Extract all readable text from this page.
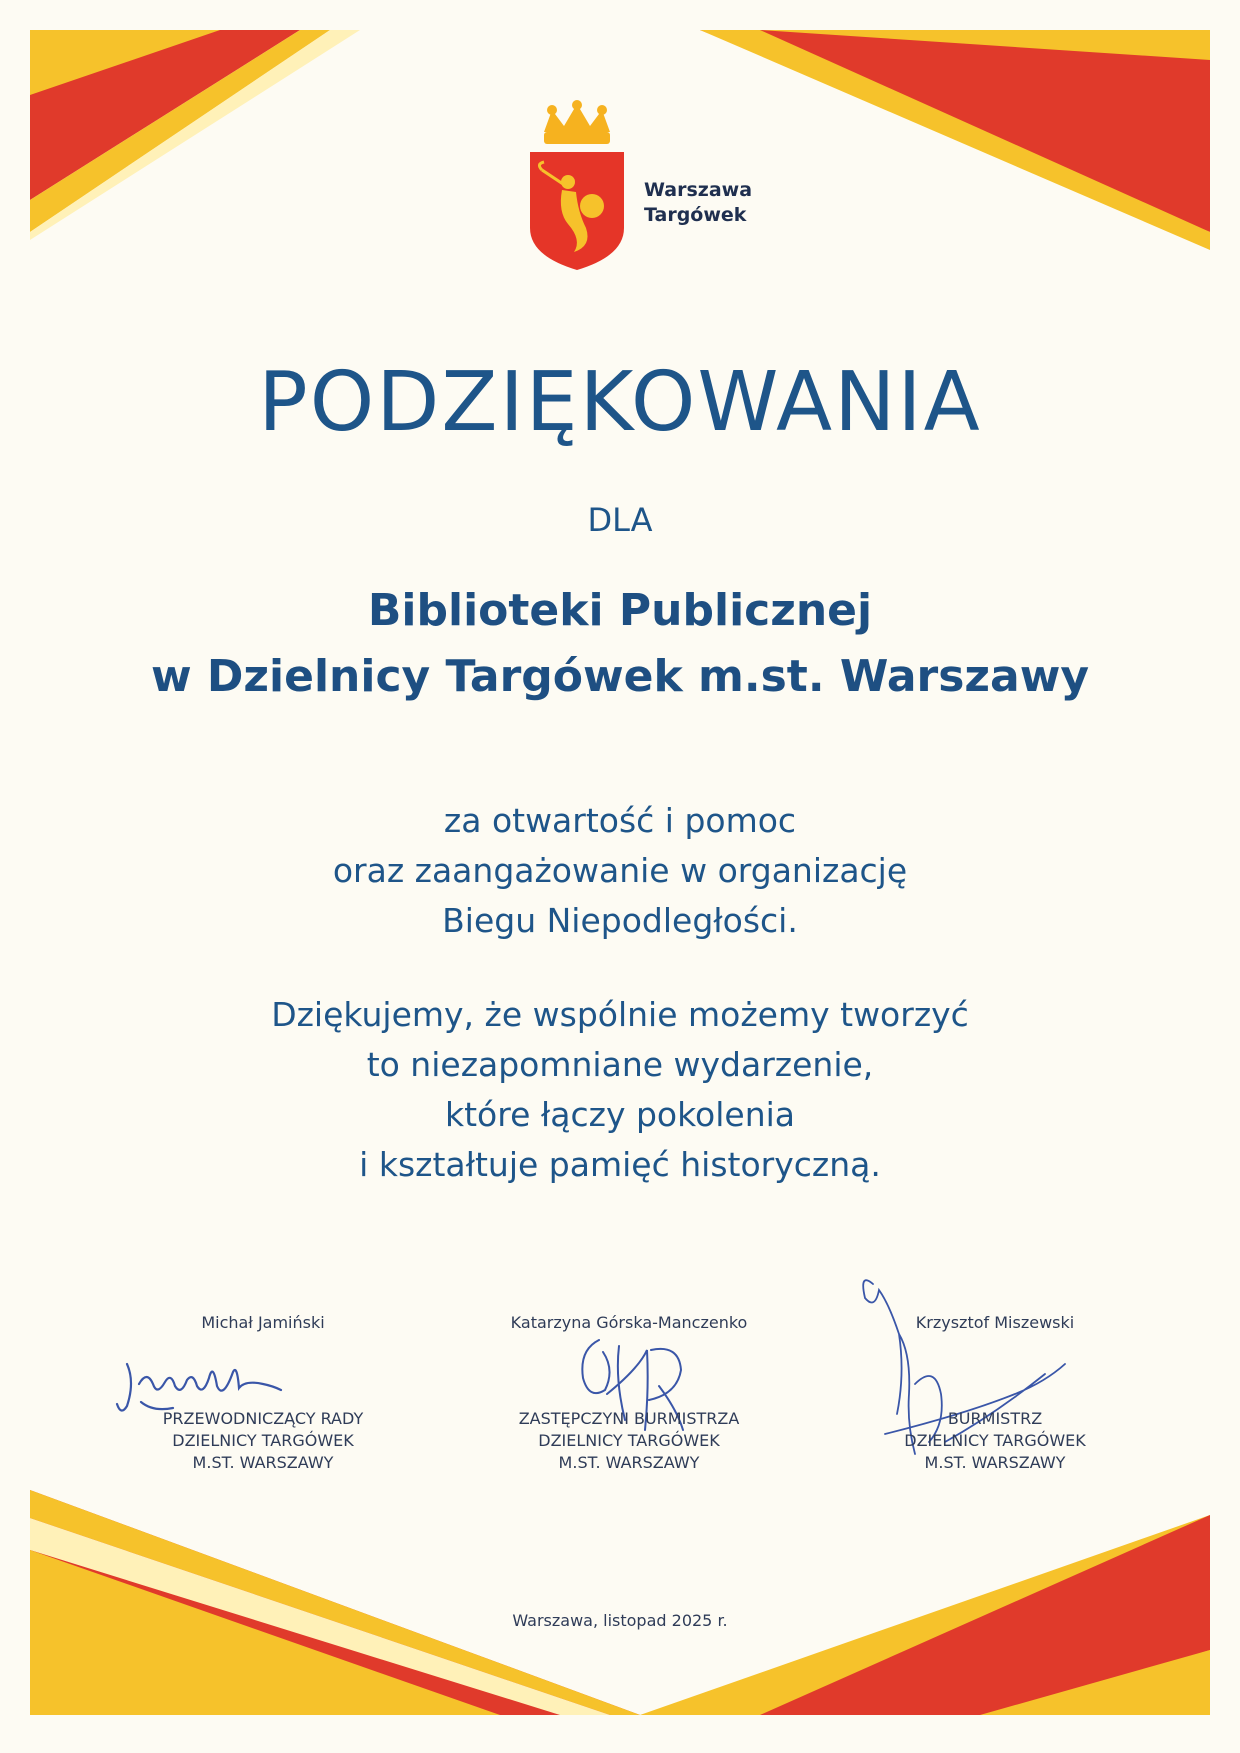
Warszawa
Targówek
PODZIĘKOWANIA
DLA
Biblioteki Publicznej
w Dzielnicy Targówek m.st. Warszawy
za otwartość i pomoc
oraz zaangażowanie w organizację
Biegu Niepodległości.
Dziękujemy, że wspólnie możemy tworzyć
to niezapomniane wydarzenie,
które łączy pokolenia
i kształtuje pamięć historyczną.
Michał Jamiński
PRZEWODNICZĄCY RADY
DZIELNICY TARGÓWEK
M.ST. WARSZAWY
Katarzyna Górska-Manczenko
ZASTĘPCZYNI BURMISTRZA
DZIELNICY TARGÓWEK
M.ST. WARSZAWY
Krzysztof Miszewski
BURMISTRZ
DZIELNICY TARGÓWEK
M.ST. WARSZAWY
Warszawa, listopad 2025 r.
